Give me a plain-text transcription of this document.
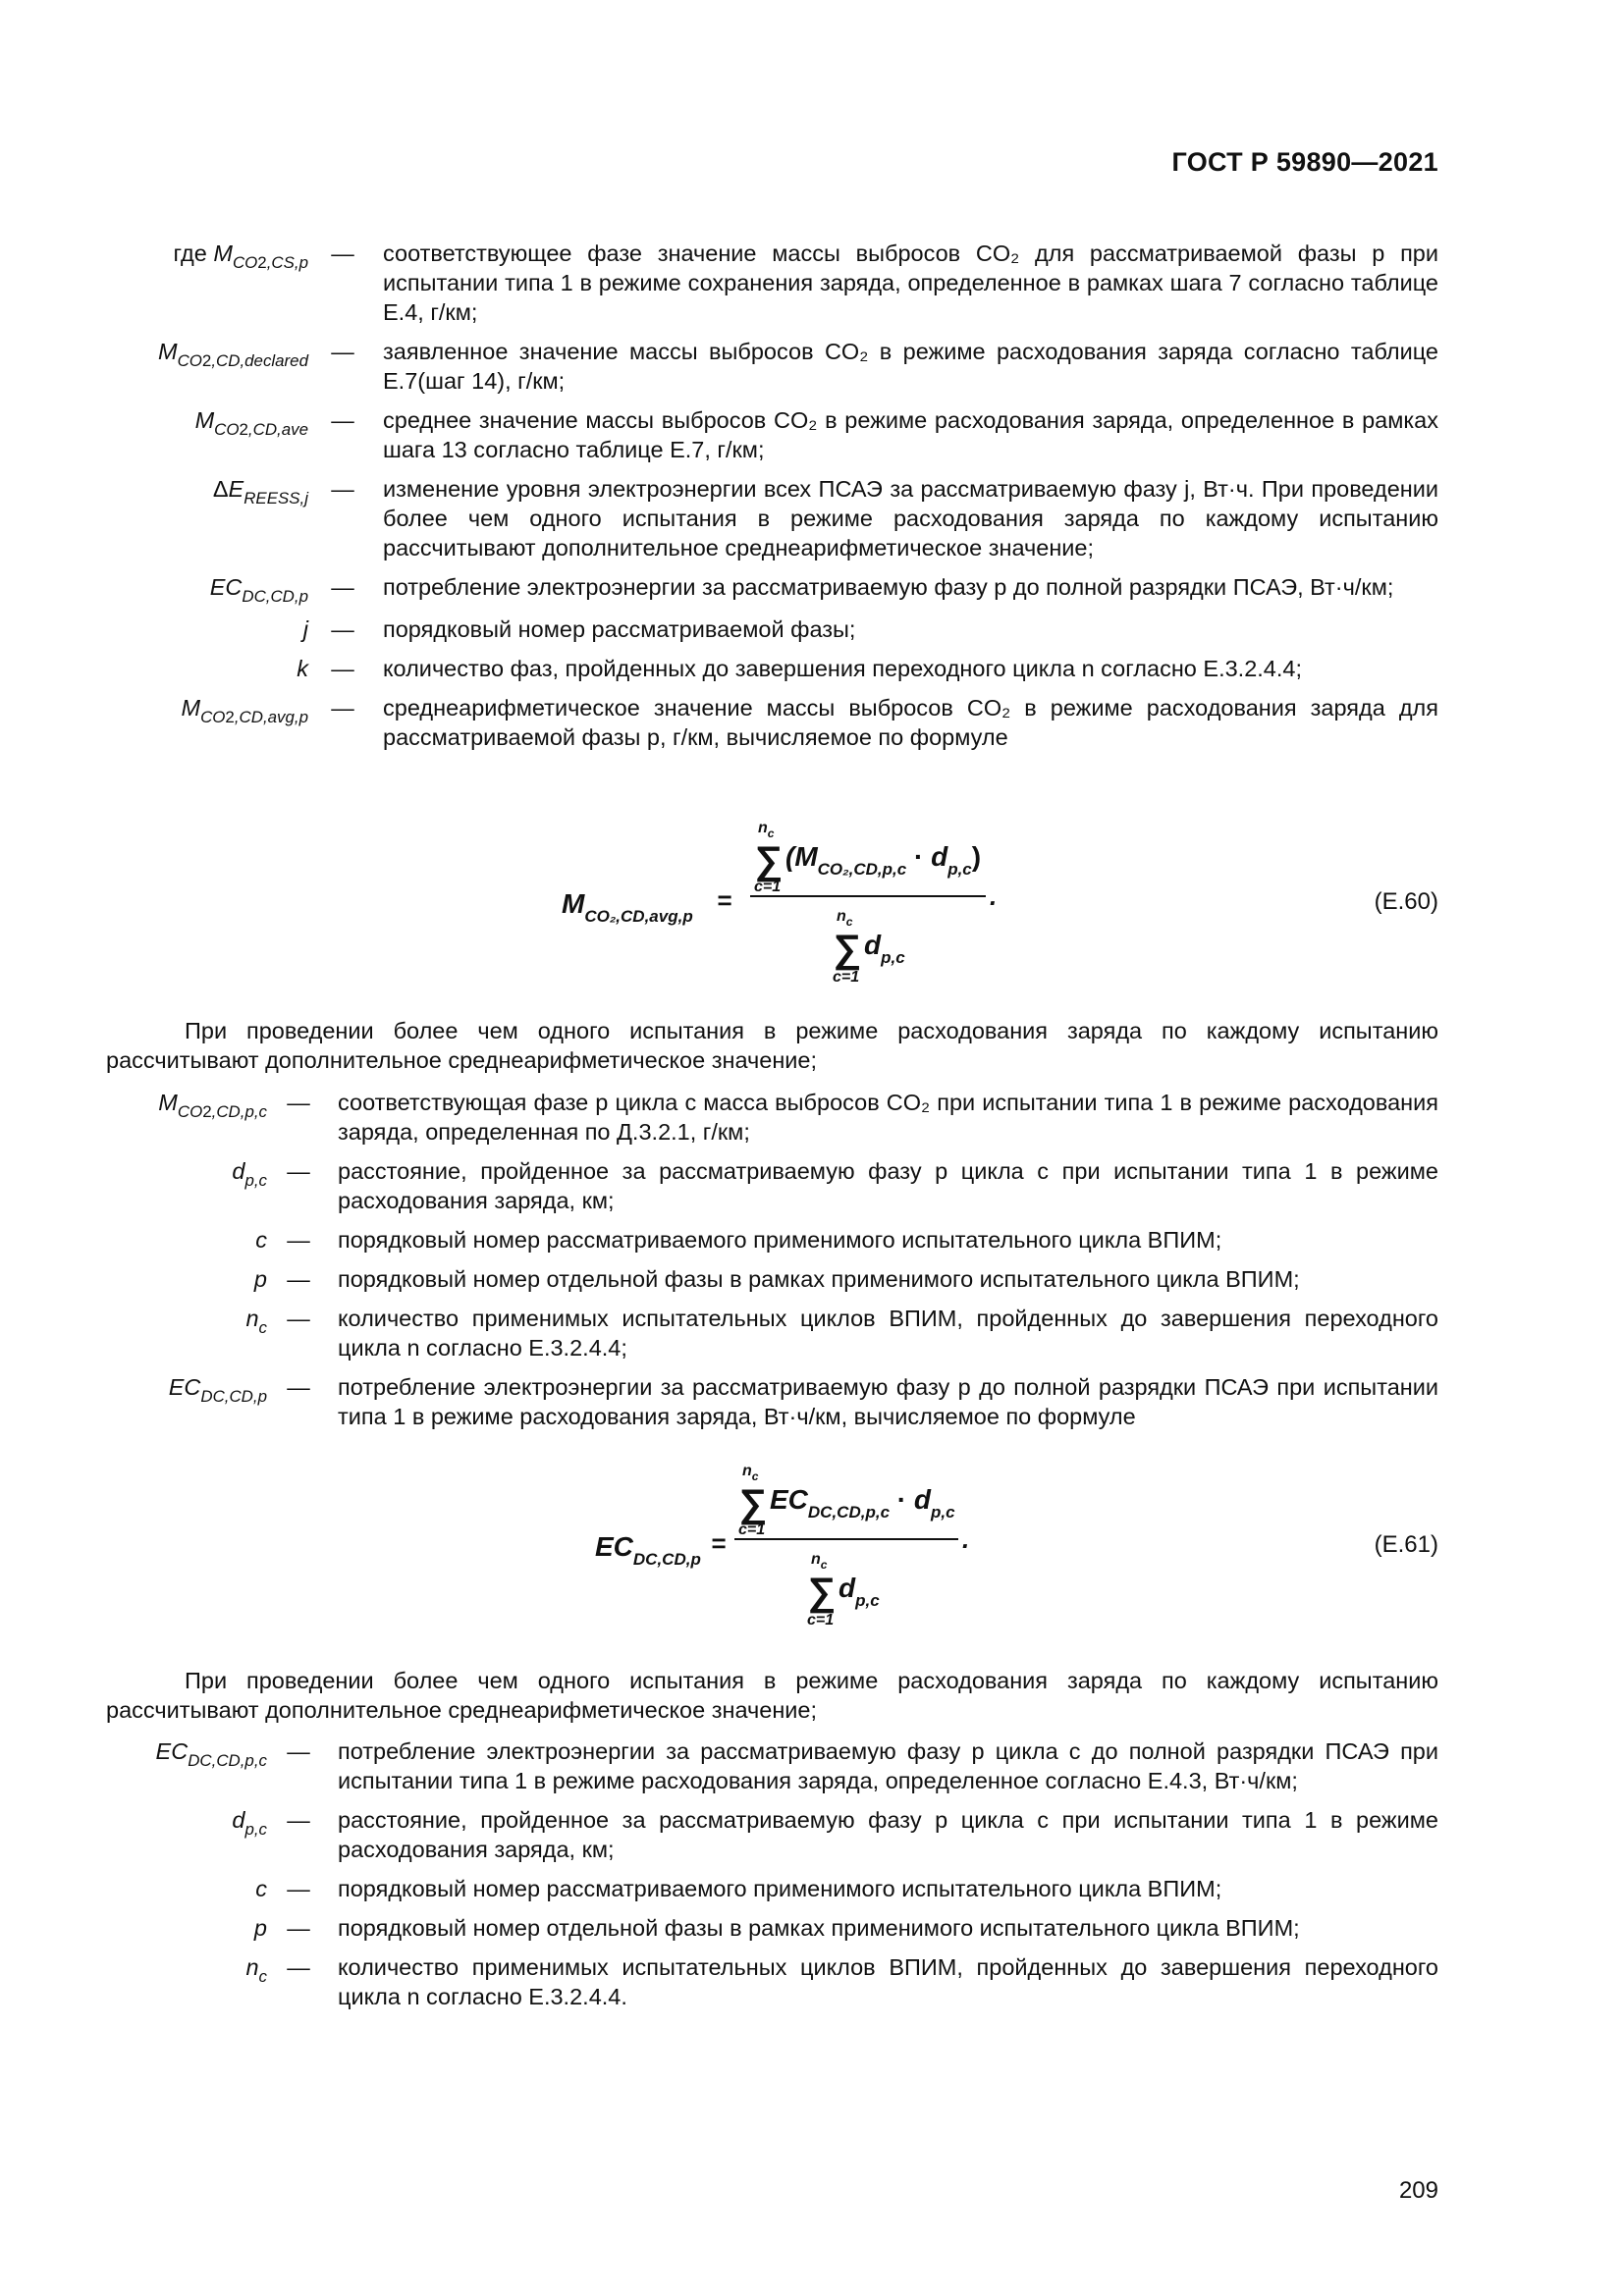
ГОСТ Р 59890—2021
где $M_{CO2,CS,p}$ —	соответствующее фазе значение массы выбросов CO₂ для рассматриваемой фазы p при испытании типа 1 в режиме сохранения заряда, определенное в рамках шага 7 согласно таблице Е.4, г/км;
$M_{CO2,CD,declared}$ —	заявленное значение массы выбросов CO₂ в режиме расходования заряда согласно таблице Е.7(шаг 14), г/км;
$M_{CO2,CD,ave}$ —	среднее значение массы выбросов CO₂ в режиме расходования заряда, определенное в рамках шага 13 согласно таблице Е.7, г/км;
$\Delta E_{REESS,j}$ —	изменение уровня электроэнергии всех ПСАЭ за рассматриваемую фазу j, Вт·ч. При проведении более чем одного испытания в режиме расходования заряда по каждому испытанию рассчитывают дополнительное среднеарифметическое значение;
$EC_{DC,CD,p}$ —	потребление электроэнергии за рассматриваемую фазу p до полной разрядки ПСАЭ, Вт·ч/км;
j —	порядковый номер рассматриваемой фазы;
k —	количество фаз, пройденных до завершения переходного цикла n согласно Е.3.2.4.4;
$M_{CO2,CD,avg,p}$ —	среднеарифметическое значение массы выбросов CO₂ в режиме расходования заряда для рассматриваемой фазы p, г/км, вычисляемое по формуле
$M_{CO_2,CD,avg,p}$
=
$n_c$
∑
c=1
$(M_{CO_2,CD,p,c} \cdot d_{p,c})$
.
$n_c$
∑
c=1
$d_{p,c}$
(Е.60)
При проведении более чем одного испытания в режиме расходования заряда по каждому испытанию рассчитывают дополнительное среднеарифметическое значение;
$M_{CO2,CD,p,c}$ —	соответствующая фазе p цикла c масса выбросов CO₂ при испытании типа 1 в режиме расходования заряда, определенная по Д.3.2.1, г/км;
$d_{p,c}$ —	расстояние, пройденное за рассматриваемую фазу p цикла с при испытании типа 1 в режиме расходования заряда, км;
c —	порядковый номер рассматриваемого применимого испытательного цикла ВПИМ;
p —	порядковый номер отдельной фазы в рамках применимого испытательного цикла ВПИМ;
$n_c$ —	количество применимых испытательных циклов ВПИМ, пройденных до завершения переходного цикла n согласно Е.3.2.4.4;
$EC_{DC,CD,p}$ —	потребление электроэнергии за рассматриваемую фазу p до полной разрядки ПСАЭ при испытании типа 1 в режиме расходования заряда, Вт·ч/км, вычисляемое по формуле
$EC_{DC,CD,p}$
=
$n_c$
∑
c=1
$EC_{DC,CD,p,c} \cdot d_{p,c}$
.
$n_c$
∑
c=1
$d_{p,c}$
(Е.61)
При проведении более чем одного испытания в режиме расходования заряда по каждому испытанию рассчитывают дополнительное среднеарифметическое значение;
$EC_{DC,CD,p,c}$ —	потребление электроэнергии за рассматриваемую фазу p цикла c до полной разрядки ПСАЭ при испытании типа 1 в режиме расходования заряда, определенное согласно Е.4.3, Вт·ч/км;
$d_{p,c}$ —	расстояние, пройденное за рассматриваемую фазу p цикла c при испытании типа 1 в режиме расходования заряда, км;
c —	порядковый номер рассматриваемого применимого испытательного цикла ВПИМ;
p —	порядковый номер отдельной фазы в рамках применимого испытательного цикла ВПИМ;
$n_c$ —	количество применимых испытательных циклов ВПИМ, пройденных до завершения переходного цикла n согласно Е.3.2.4.4.
209
